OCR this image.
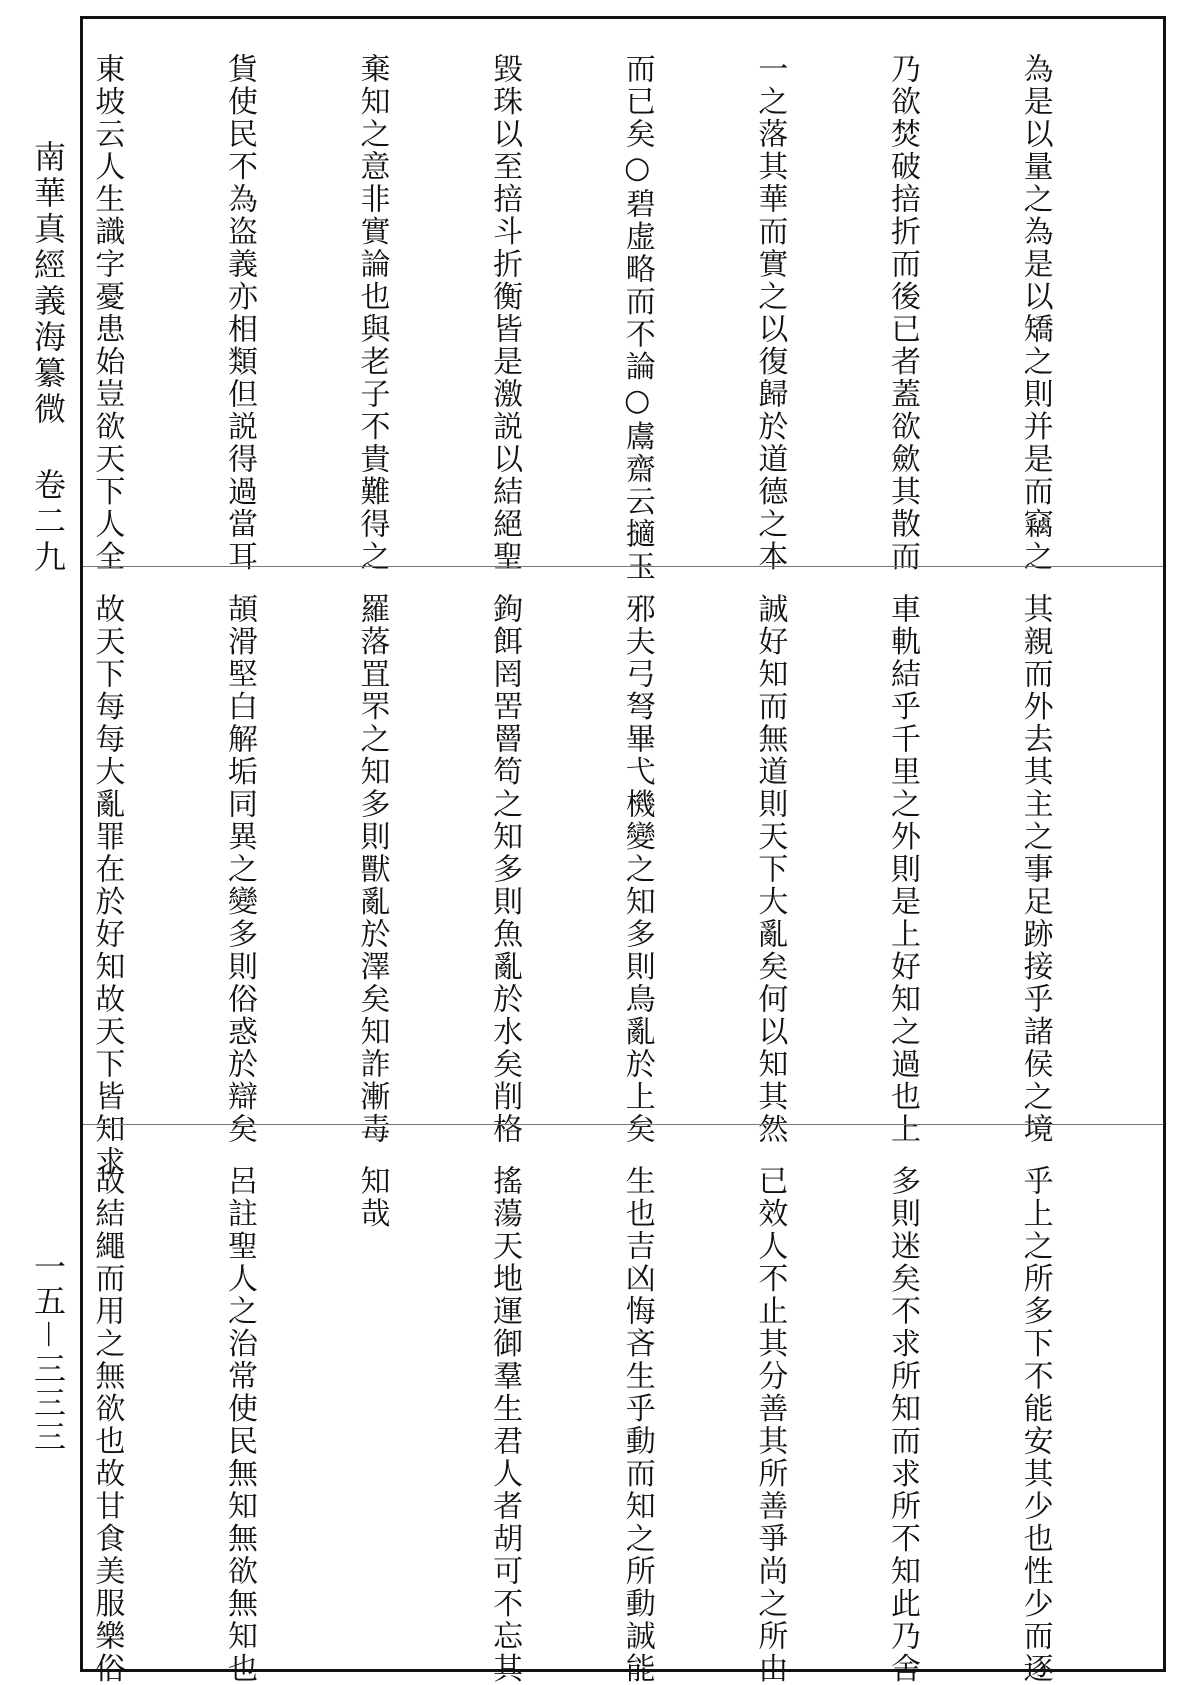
南華真經義海纂微 卷二九
一五－三三三

為是以量之為是以矯之則并是而竊之

乃欲焚破掊折而後已者蓋欲歛其散而

一之落其華而實之以復歸於道德之本

而已矣○碧虚略而不論○鬳齋云擿玉

毀珠以至掊斗折衡皆是激説以結絕聖

棄知之意非實論也與老子不貴難得之

貨使民不為盗義亦相類但説得過當耳

東坡云人生識字憂患始豈欲天下人全

其親而外去其主之事足跡接乎諸侯之境

車軌結乎千里之外則是上好知之過也上

誠好知而無道則天下大亂矣何以知其然

邪夫弓弩畢弋機變之知多則鳥亂於上矣

鉤餌罔罟罾笱之知多則魚亂於水矣削格

羅落罝罘之知多則獸亂於澤矣知詐漸毒

頡滑堅白解垢同異之變多則俗惑於辯矣

故天下每每大亂罪在於好知故天下皆知求

乎上之所多下不能安其少也性少而逐

多則迷矣不求所知而求所不知此乃舍

已效人不止其分善其所善爭尚之所由

生也吉凶悔吝生乎動而知之所動誠能

搖蕩天地運御羣生君人者胡可不忘其

知哉

呂註聖人之治常使民無知無欲無知也

故結繩而用之無欲也故甘食美服樂俗
